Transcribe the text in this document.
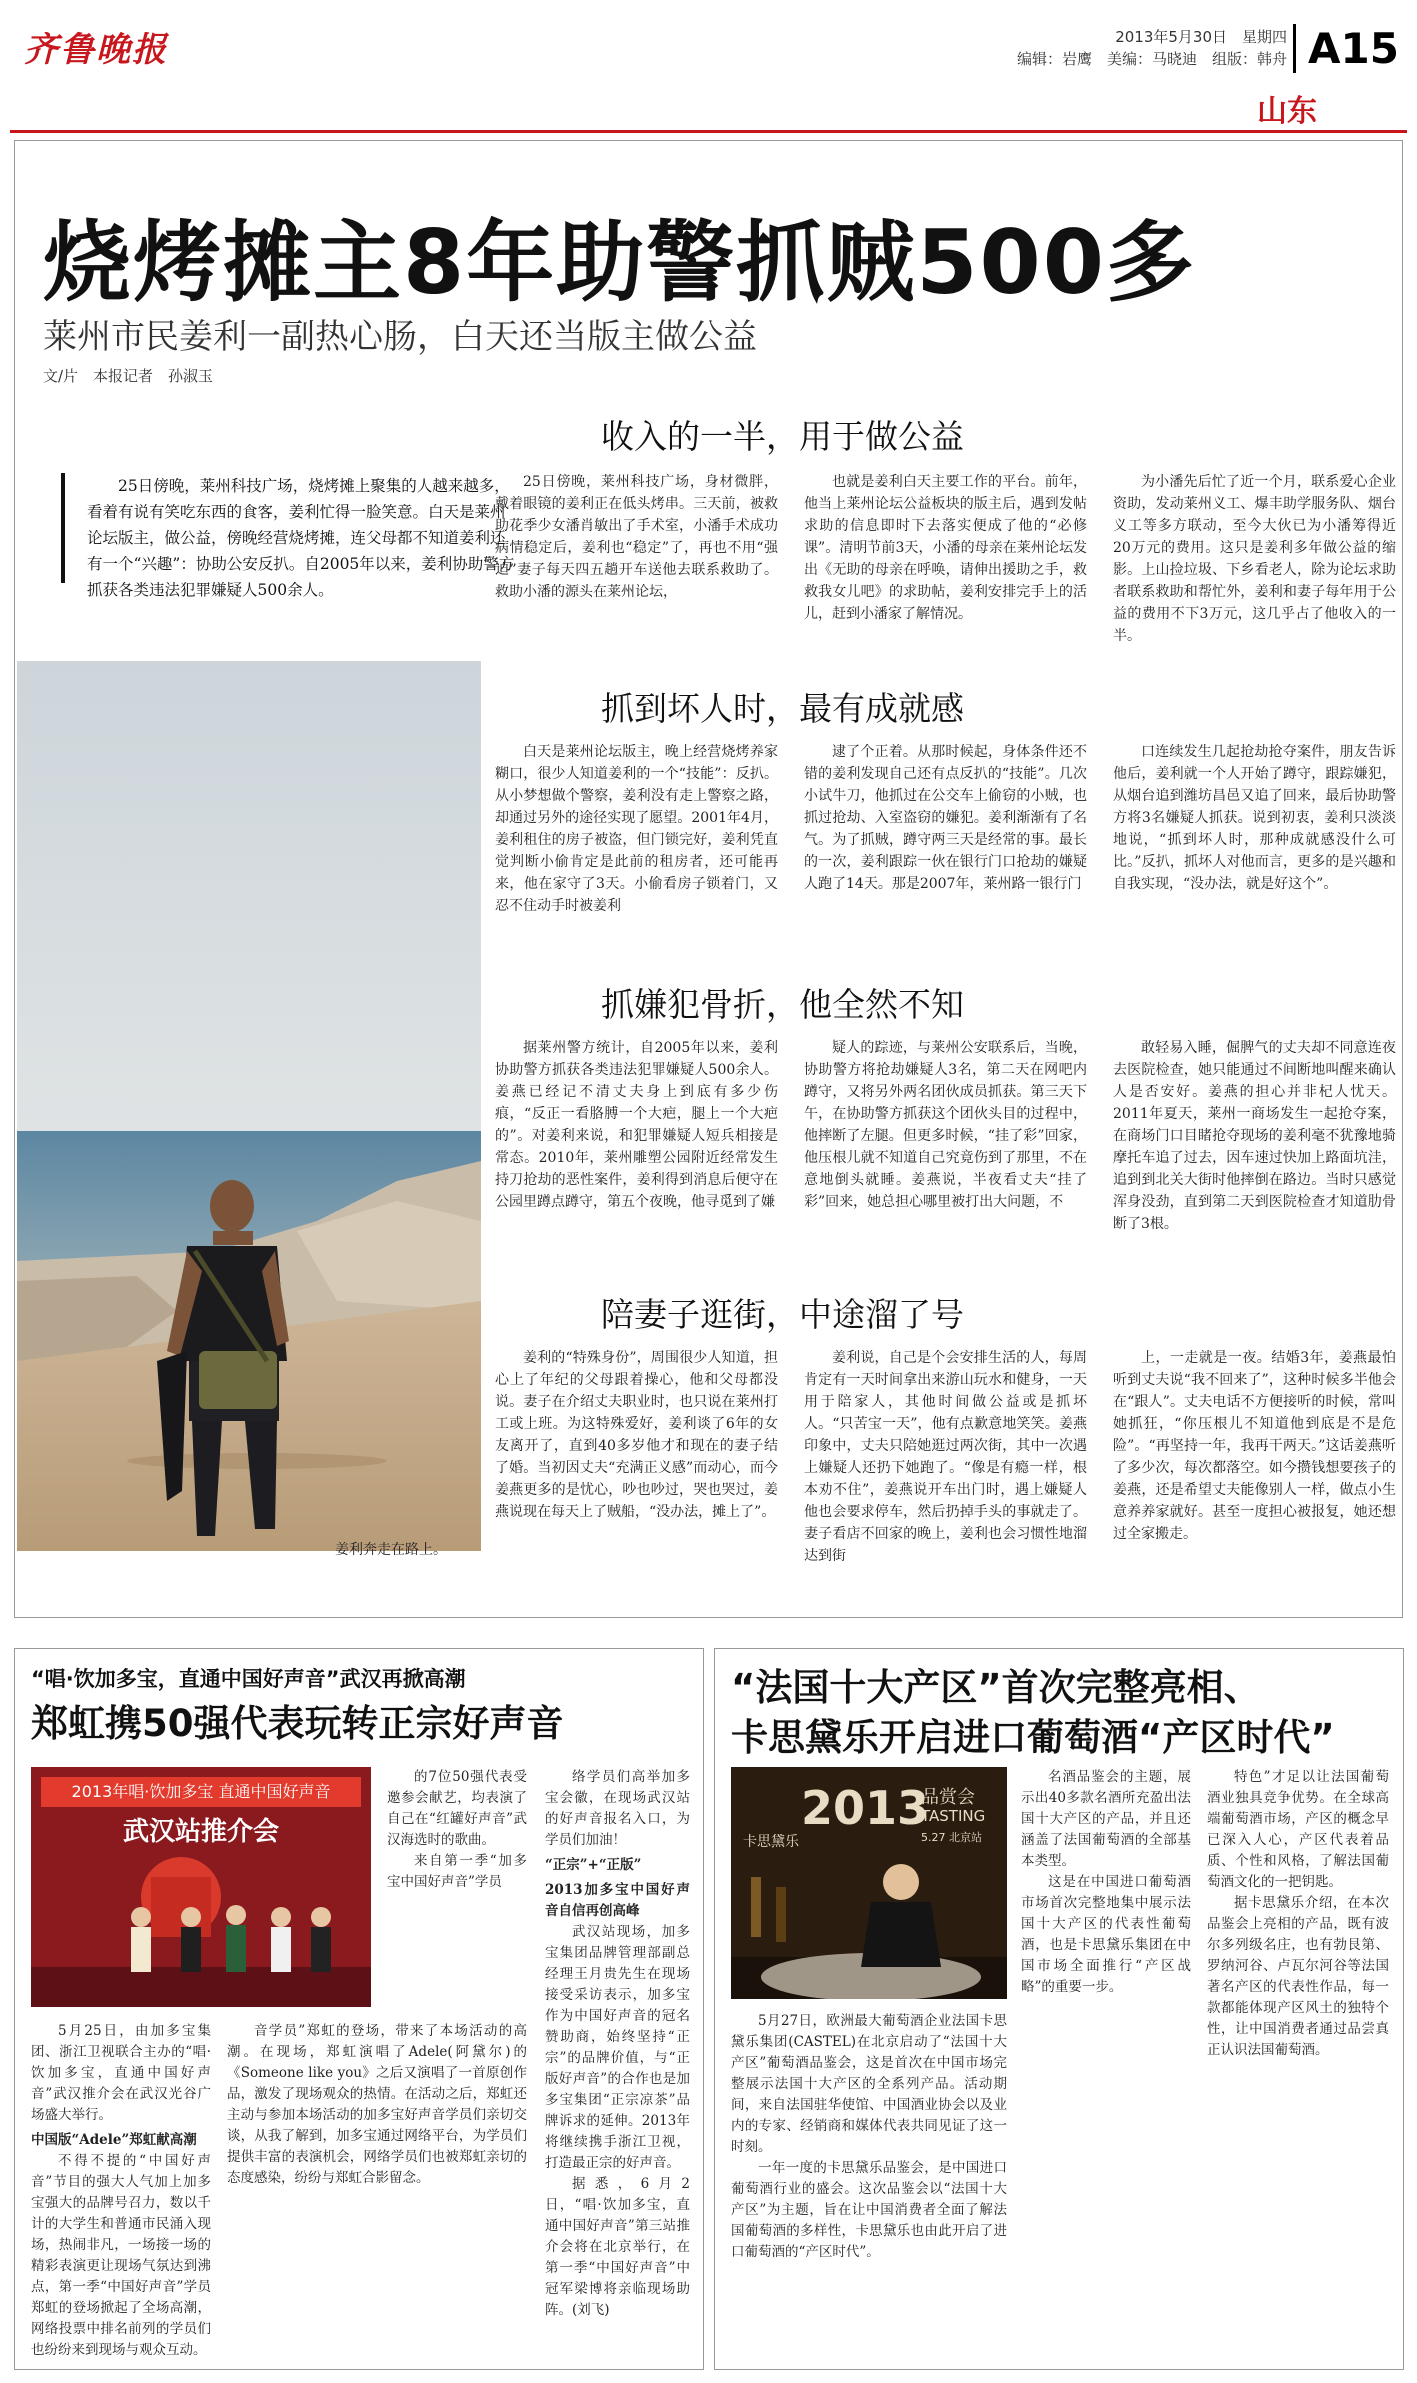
齐鲁晚报	2013年5月30日　星期四
编辑：岩鹰　美编：马晓迪　组版：韩舟 A15
山东
烧烤摊主8年助警抓贼500多
莱州市民姜利一副热心肠，白天还当版主做公益
文/片　本报记者　孙淑玉

25日傍晚，莱州科技广场，烧烤摊上聚集的人越来越多，看着有说有笑吃东西的食客，姜利忙得一脸笑意。白天是莱州论坛版主，做公益，傍晚经营烧烤摊，连父母都不知道姜利还有一个“兴趣”：协助公安反扒。自2005年以来，姜利协助警方抓获各类违法犯罪嫌疑人500余人。

姜利奔走在路上。
收入的一半，用于做公益

25日傍晚，莱州科技广场，身材微胖，戴着眼镜的姜利正在低头烤串。三天前，被救助花季少女潘肖敏出了手术室，小潘手术成功病情稳定后，姜利也“稳定”了，再也不用“强迫”妻子每天四五趟开车送他去联系救助了。救助小潘的源头在莱州论坛，

也就是姜利白天主要工作的平台。前年，他当上莱州论坛公益板块的版主后，遇到发帖求助的信息即时下去落实便成了他的“必修课”。清明节前3天，小潘的母亲在莱州论坛发出《无助的母亲在呼唤，请伸出援助之手，救救我女儿吧》的求助帖，姜利安排完手上的活儿，赶到小潘家了解情况。

为小潘先后忙了近一个月，联系爱心企业资助，发动莱州义工、爆丰助学服务队、烟台义工等多方联动，至今大伙已为小潘筹得近20万元的费用。这只是姜利多年做公益的缩影。上山捡垃圾、下乡看老人，除为论坛求助者联系救助和帮忙外，姜利和妻子每年用于公益的费用不下3万元，这几乎占了他收入的一半。

抓到坏人时，最有成就感

白天是莱州论坛版主，晚上经营烧烤养家糊口，很少人知道姜利的一个“技能”：反扒。从小梦想做个警察，姜利没有走上警察之路，却通过另外的途径实现了愿望。2001年4月，姜利租住的房子被盗，但门锁完好，姜利凭直觉判断小偷肯定是此前的租房者，还可能再来，他在家守了3天。小偷看房子锁着门，又忍不住动手时被姜利

逮了个正着。从那时候起，身体条件还不错的姜利发现自己还有点反扒的“技能”。几次小试牛刀，他抓过在公交车上偷窃的小贼，也抓过抢劫、入室盗窃的嫌犯。姜利渐渐有了名气。为了抓贼，蹲守两三天是经常的事。最长的一次，姜利跟踪一伙在银行门口抢劫的嫌疑人跑了14天。那是2007年，莱州路一银行门

口连续发生几起抢劫抢夺案件，朋友告诉他后，姜利就一个人开始了蹲守，跟踪嫌犯，从烟台追到潍坊昌邑又追了回来，最后协助警方将3名嫌疑人抓获。说到初衷，姜利只淡淡地说，“抓到坏人时，那种成就感没什么可比。”反扒，抓坏人对他而言，更多的是兴趣和自我实现，“没办法，就是好这个”。

抓嫌犯骨折，他全然不知

据莱州警方统计，自2005年以来，姜利协助警方抓获各类违法犯罪嫌疑人500余人。姜燕已经记不清丈夫身上到底有多少伤痕，“反正一看胳膊一个大疤，腿上一个大疤的”。对姜利来说，和犯罪嫌疑人短兵相接是常态。2010年，莱州雕塑公园附近经常发生持刀抢劫的恶性案件，姜利得到消息后便守在公园里蹲点蹲守，第五个夜晚，他寻觅到了嫌

疑人的踪迹，与莱州公安联系后，当晚，协助警方将抢劫嫌疑人3名，第二天在网吧内蹲守，又将另外两名团伙成员抓获。第三天下午，在协助警方抓获这个团伙头目的过程中，他摔断了左腿。但更多时候，“挂了彩”回家，他压根儿就不知道自己究竟伤到了那里，不在意地倒头就睡。姜燕说，半夜看丈夫“挂了彩”回来，她总担心哪里被打出大问题，不

敢轻易入睡，倔脾气的丈夫却不同意连夜去医院检查，她只能通过不间断地叫醒来确认人是否安好。姜燕的担心并非杞人忧天。2011年夏天，莱州一商场发生一起抢夺案，在商场门口目睹抢夺现场的姜利毫不犹豫地骑摩托车追了过去，因车速过快加上路面坑洼，追到到北关大街时他摔倒在路边。当时只感觉浑身没劲，直到第二天到医院检查才知道肋骨断了3根。

陪妻子逛街，中途溜了号

姜利的“特殊身份”，周围很少人知道，担心上了年纪的父母跟着操心，他和父母都没说。妻子在介绍丈夫职业时，也只说在莱州打工或上班。为这特殊爱好，姜利谈了6年的女友离开了，直到40多岁他才和现在的妻子结了婚。当初因丈夫“充满正义感”而动心，而今姜燕更多的是忧心，吵也吵过，哭也哭过，姜燕说现在每天上了贼船，“没办法，摊上了”。

姜利说，自己是个会安排生活的人，每周肯定有一天时间拿出来游山玩水和健身，一天用于陪家人，其他时间做公益或是抓坏人。“只苦宝一天”，他有点歉意地笑笑。姜燕印象中，丈夫只陪她逛过两次街，其中一次遇上嫌疑人还扔下她跑了。“像是有瘾一样，根本劝不住”，姜燕说开车出门时，遇上嫌疑人他也会要求停车，然后扔掉手头的事就走了。妻子看店不回家的晚上，姜利也会习惯性地溜达到街

上，一走就是一夜。结婚3年，姜燕最怕听到丈夫说“我不回来了”，这种时候多半他会在“跟人”。丈夫电话不方便接听的时候，常叫她抓狂，“你压根儿不知道他到底是不是危险”。“再坚持一年，我再干两天。”这话姜燕听了多少次，每次都落空。如今攒钱想要孩子的姜燕，还是希望丈夫能像别人一样，做点小生意养养家就好。甚至一度担心被报复，她还想过全家搬走。

“唱·饮加多宝，直通中国好声音”武汉再掀高潮
郑虹携50强代表玩转正宗好声音
2013年唱·饮加多宝 直通中国好声音
武汉站推介会

的7位50强代表受邀参会献艺，均表演了自己在“红罐好声音”武汉海选时的歌曲。

来自第一季“加多宝中国好声音”学员

络学员们高举加多宝会徽，在现场武汉站的好声音报名入口，为学员们加油！

“正宗”+“正版”

2013加多宝中国好声音自信再创高峰

武汉站现场，加多宝集团品牌管理部副总经理王月贵先生在现场接受采访表示，加多宝作为中国好声音的冠名赞助商，始终坚持“正宗”的品牌价值，与“正版好声音”的合作也是加多宝集团“正宗凉茶”品牌诉求的延伸。2013年将继续携手浙江卫视，打造最正宗的好声音。

据悉，6月2日，“唱·饮加多宝，直通中国好声音”第三站推介会将在北京举行，在第一季“中国好声音”中冠军梁博将亲临现场助阵。(刘飞)

5月25日，由加多宝集团、浙江卫视联合主办的“唱·饮加多宝，直通中国好声音”武汉推介会在武汉光谷广场盛大举行。

中国版“Adele”郑虹献高潮

不得不提的“中国好声音”节目的强大人气加上加多宝强大的品牌号召力，数以千计的大学生和普通市民涌入现场，热闹非凡，一场接一场的精彩表演更让现场气氛达到沸点，第一季“中国好声音”学员郑虹的登场掀起了全场高潮，网络投票中排名前列的学员们也纷纷来到现场与观众互动。

音学员”郑虹的登场，带来了本场活动的高潮。在现场，郑虹演唱了Adele(阿黛尔)的《Someone like you》之后又演唱了一首原创作品，激发了现场观众的热情。在活动之后，郑虹还主动与参加本场活动的加多宝好声音学员们亲切交谈，从我了解到，加多宝通过网络平台，为学员们提供丰富的表演机会，网络学员们也被郑虹亲切的态度感染，纷纷与郑虹合影留念。

“法国十大产区”首次完整亮相、
卡思黛乐开启进口葡萄酒“产区时代”
2013
品赏会
TASTING
5.27 北京站
卡思黛乐

名酒品鉴会的主题，展示出40多款名酒所充盈出法国十大产区的产品，并且还涵盖了法国葡萄酒的全部基本类型。

这是在中国进口葡萄酒市场首次完整地集中展示法国十大产区的代表性葡萄酒，也是卡思黛乐集团在中国市场全面推行“产区战略”的重要一步。

特色”才足以让法国葡萄酒业独具竞争优势。在全球高端葡萄酒市场，产区的概念早已深入人心，产区代表着品质、个性和风格，了解法国葡萄酒文化的一把钥匙。

据卡思黛乐介绍，在本次品鉴会上亮相的产品，既有波尔多列级名庄，也有勃艮第、罗纳河谷、卢瓦尔河谷等法国著名产区的代表性作品，每一款都能体现产区风土的独特个性，让中国消费者通过品尝真正认识法国葡萄酒。

5月27日，欧洲最大葡萄酒企业法国卡思黛乐集团(CASTEL)在北京启动了“法国十大产区”葡萄酒品鉴会，这是首次在中国市场完整展示法国十大产区的全系列产品。活动期间，来自法国驻华使馆、中国酒业协会以及业内的专家、经销商和媒体代表共同见证了这一时刻。

一年一度的卡思黛乐品鉴会，是中国进口葡萄酒行业的盛会。这次品鉴会以“法国十大产区”为主题，旨在让中国消费者全面了解法国葡萄酒的多样性，卡思黛乐也由此开启了进口葡萄酒的“产区时代”。
